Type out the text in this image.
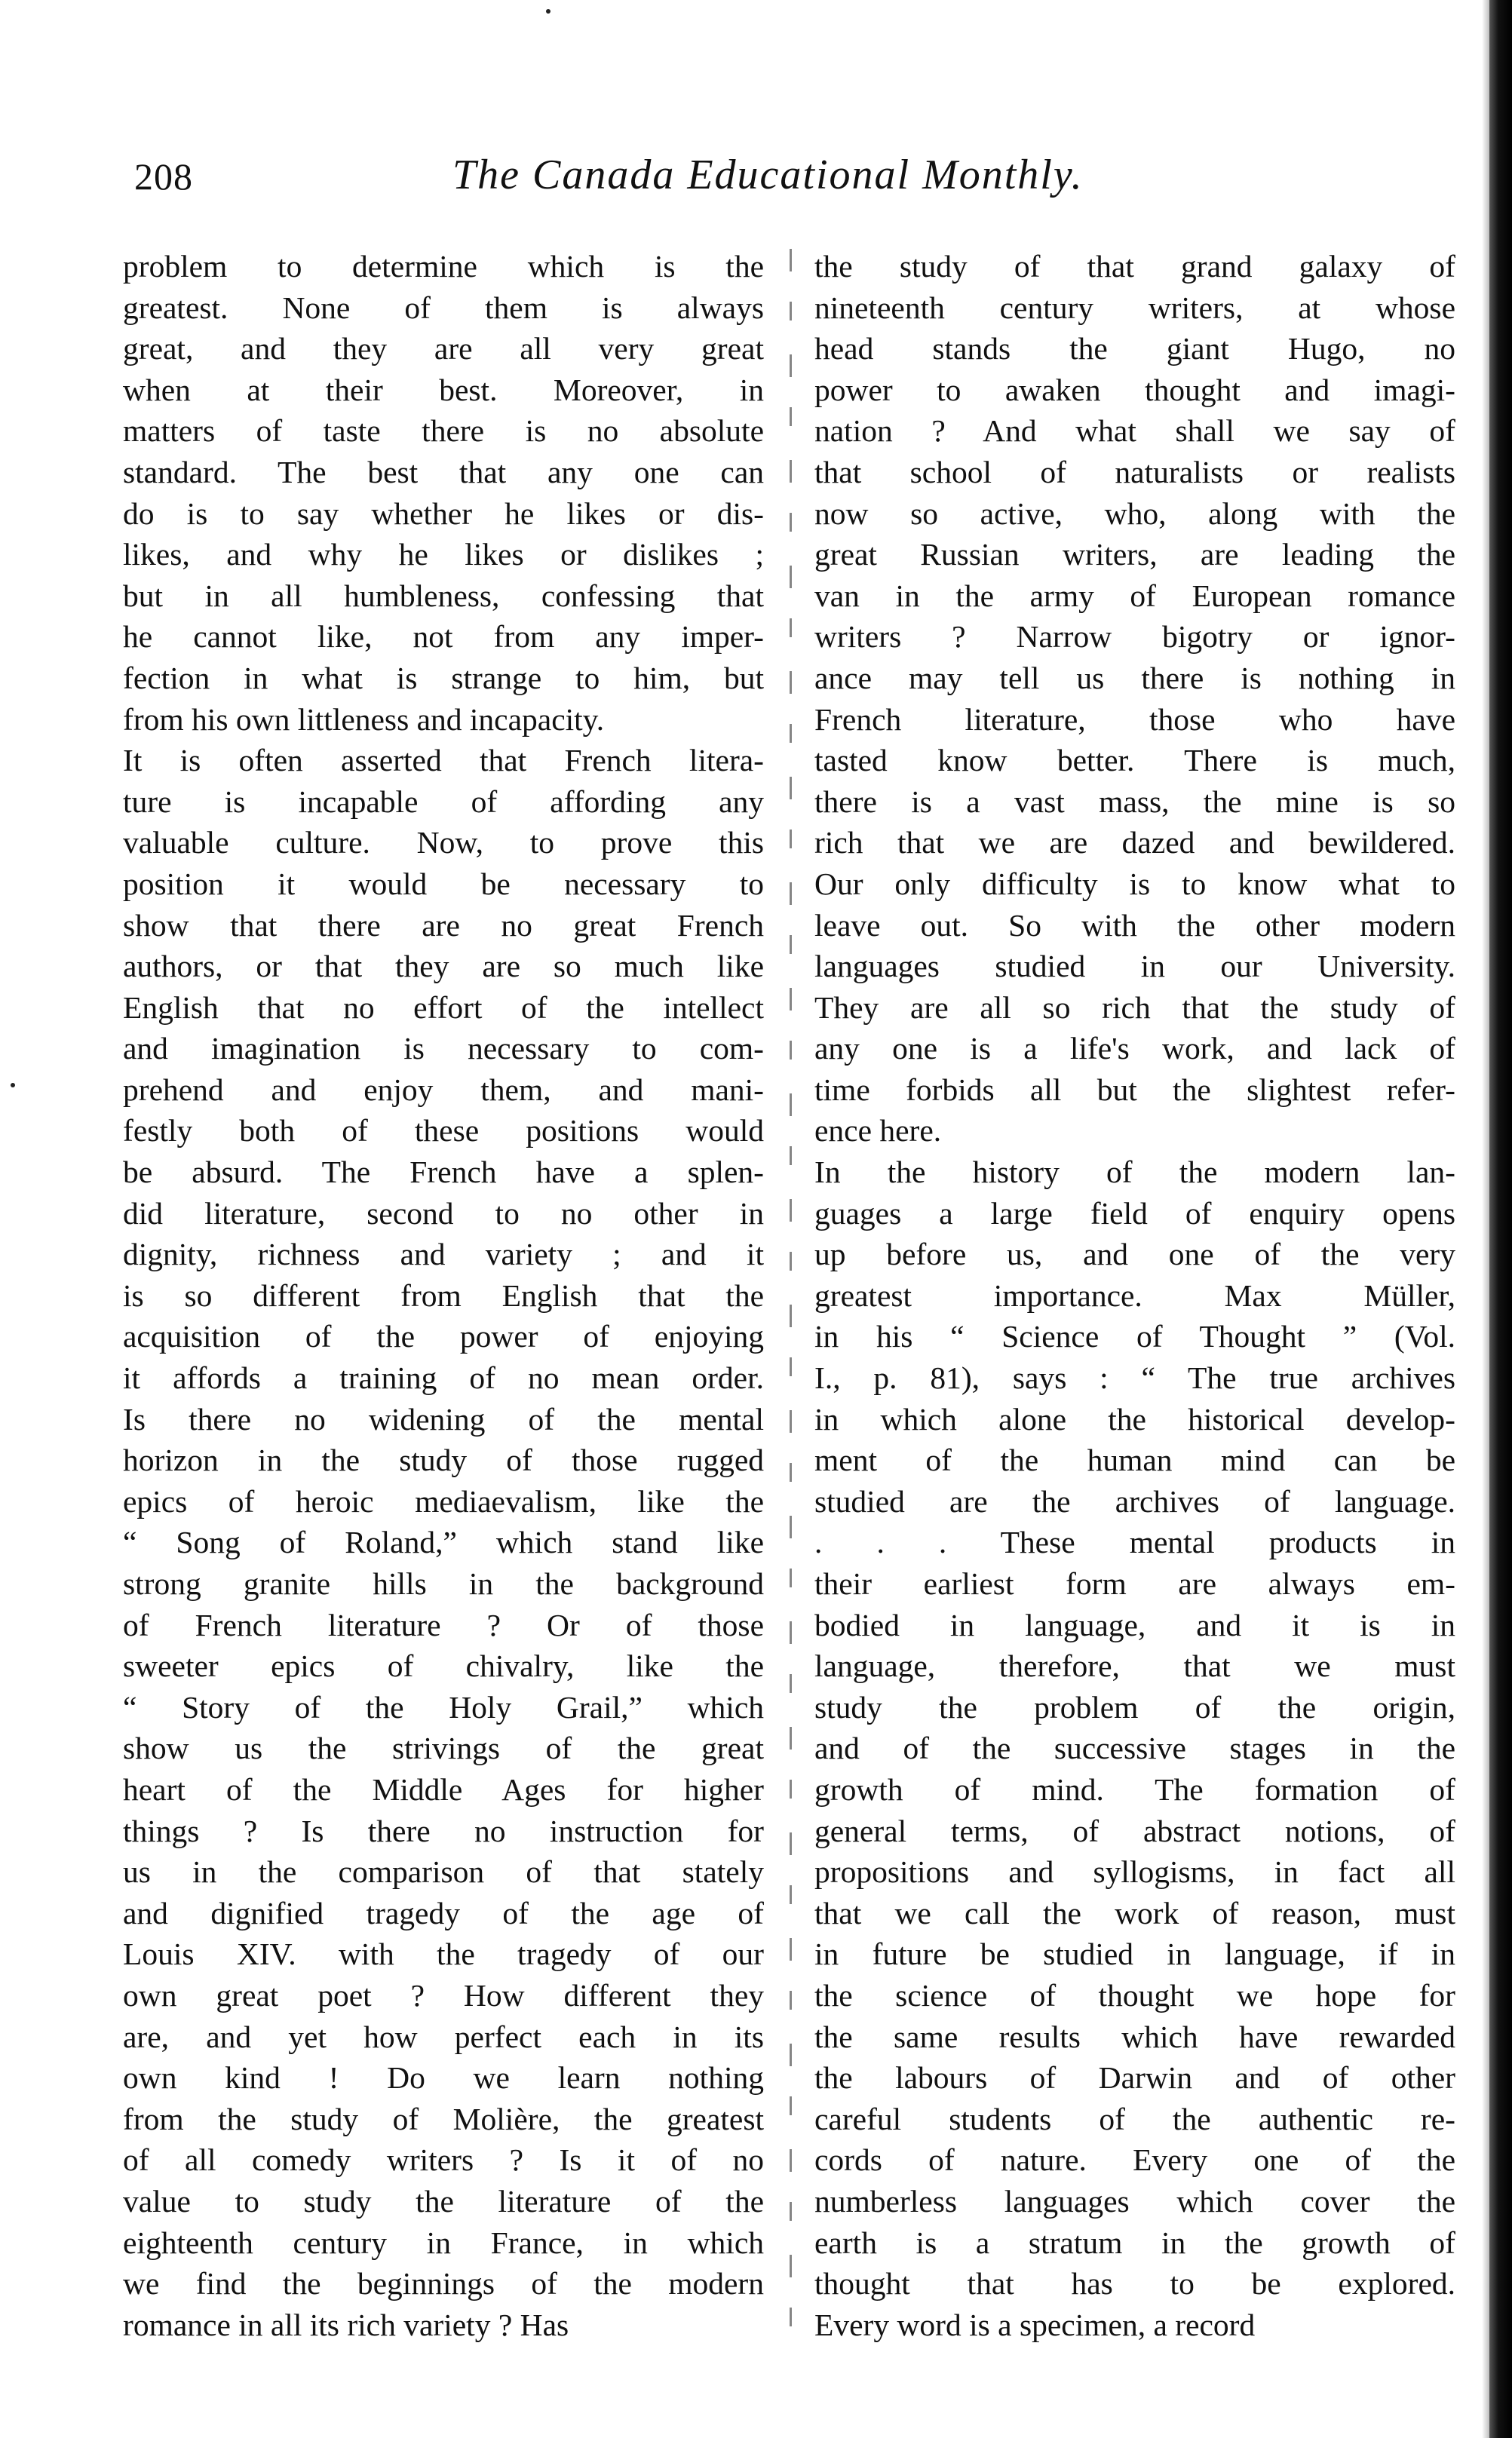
208	The Canada Educational Monthly.
problem to determine which is the
greatest. None of them is always
great, and they are all very great
when at their best. Moreover, in
matters of taste there is no absolute
standard. The best that any one can
do is to say whether he likes or dis-
likes, and why he likes or dislikes ;
but in all humbleness, confessing that
he cannot like, not from any imper-
fection in what is strange to him, but
from his own littleness and incapacity.
It is often asserted that French litera-
ture is incapable of affording any
valuable culture. Now, to prove this
position it would be necessary to
show that there are no great French
authors, or that they are so much like
English that no effort of the intellect
and imagination is necessary to com-
prehend and enjoy them, and mani-
festly both of these positions would
be absurd. The French have a splen-
did literature, second to no other in
dignity, richness and variety ; and it
is so different from English that the
acquisition of the power of enjoying
it affords a training of no mean order.
Is there no widening of the mental
horizon in the study of those rugged
epics of heroic mediaevalism, like the
“ Song of Roland,” which stand like
strong granite hills in the background
of French literature ? Or of those
sweeter epics of chivalry, like the
“ Story of the Holy Grail,” which
show us the strivings of the great
heart of the Middle Ages for higher
things ? Is there no instruction for
us in the comparison of that stately
and dignified tragedy of the age of
Louis XIV. with the tragedy of our
own great poet ? How different they
are, and yet how perfect each in its
own kind ! Do we learn nothing
from the study of Molière, the greatest
of all comedy writers ? Is it of no
value to study the literature of the
eighteenth century in France, in which
we find the beginnings of the modern
romance in all its rich variety ? Has
the study of that grand galaxy of
nineteenth century writers, at whose
head stands the giant Hugo, no
power to awaken thought and imagi-
nation ? And what shall we say of
that school of naturalists or realists
now so active, who, along with the
great Russian writers, are leading the
van in the army of European romance
writers ? Narrow bigotry or ignor-
ance may tell us there is nothing in
French literature, those who have
tasted know better. There is much,
there is a vast mass, the mine is so
rich that we are dazed and bewildered.
Our only difficulty is to know what to
leave out. So with the other modern
languages studied in our University.
They are all so rich that the study of
any one is a life's work, and lack of
time forbids all but the slightest refer-
ence here.
In the history of the modern lan-
guages a large field of enquiry opens
up before us, and one of the very
greatest importance. Max Müller,
in his “ Science of Thought ” (Vol.
I., p. 81), says : “ The true archives
in which alone the historical develop-
ment of the human mind can be
studied are the archives of language.
. . . These mental products in
their earliest form are always em-
bodied in language, and it is in
language, therefore, that we must
study the problem of the origin,
and of the successive stages in the
growth of mind. The formation of
general terms, of abstract notions, of
propositions and syllogisms, in fact all
that we call the work of reason, must
in future be studied in language, if in
the science of thought we hope for
the same results which have rewarded
the labours of Darwin and of other
careful students of the authentic re-
cords of nature. Every one of the
numberless languages which cover the
earth is a stratum in the growth of
thought that has to be explored.
Every word is a specimen, a record
